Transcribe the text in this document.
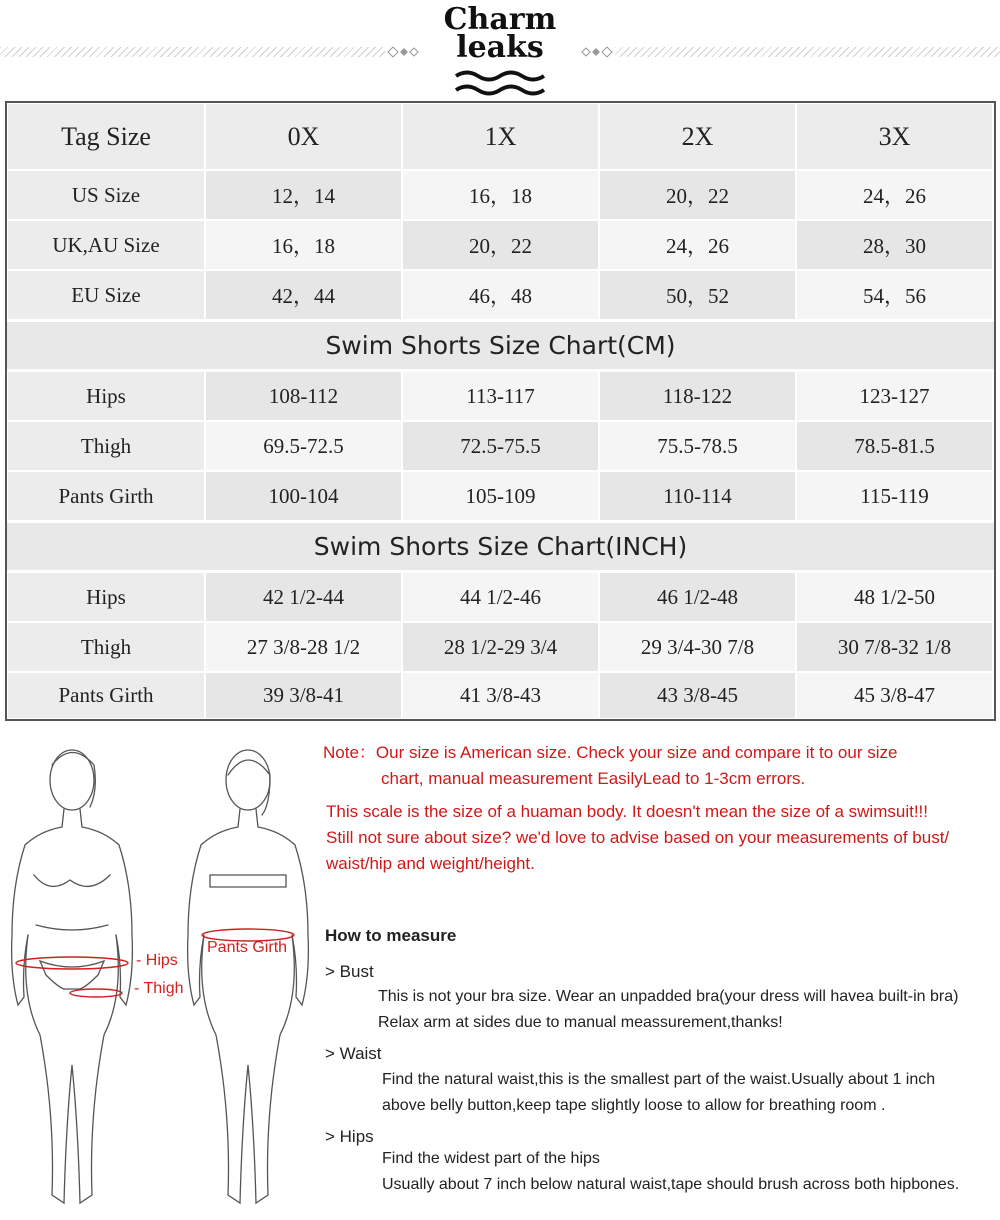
Charm
leaks
Tag Size	0X	1X	2X	3X
US Size	12，14	16，18	20，22	24，26
UK,AU Size	16，18	20，22	24，26	28，30
EU Size	42，44	46，48	50，52	54，56
Swim Shorts Size Chart(CM)
Hips	108-112	113-117	118-122	123-127
Thigh	69.5-72.5	72.5-75.5	75.5-78.5	78.5-81.5
Pants Girth	100-104	105-109	110-114	115-119
Swim Shorts Size Chart(INCH)
Hips	42 1/2-44	44 1/2-46	46 1/2-48	48 1/2-50
Thigh	27 3/8-28 1/2	28 1/2-29 3/4	29 3/4-30 7/8	30 7/8-32 1/8
Pants Girth	39 3/8-41	41 3/8-43	43 3/8-45	45 3/8-47
- Hips
- Thigh
Pants Girth
Note：Our size is American size. Check your size and compare it to our size
chart, manual measurement EasilyLead to 1-3cm errors.
This scale is the size of a huaman body. It doesn't mean the size of a swimsuit!!!
Still not sure about size? we'd love to advise based on your measurements of bust/
waist/hip and weight/height.
How to measure
> Bust
This is not your bra size. Wear an unpadded bra(your dress will havea built-in bra)
Relax arm at sides due to manual meassurement,thanks!
> Waist
Find the natural waist,this is the smallest part of the waist.Usually about 1 inch
above belly button,keep tape slightly loose to allow for breathing room .
> Hips
Find the widest part of the hips
Usually about 7 inch below natural waist,tape should brush across both hipbones.
